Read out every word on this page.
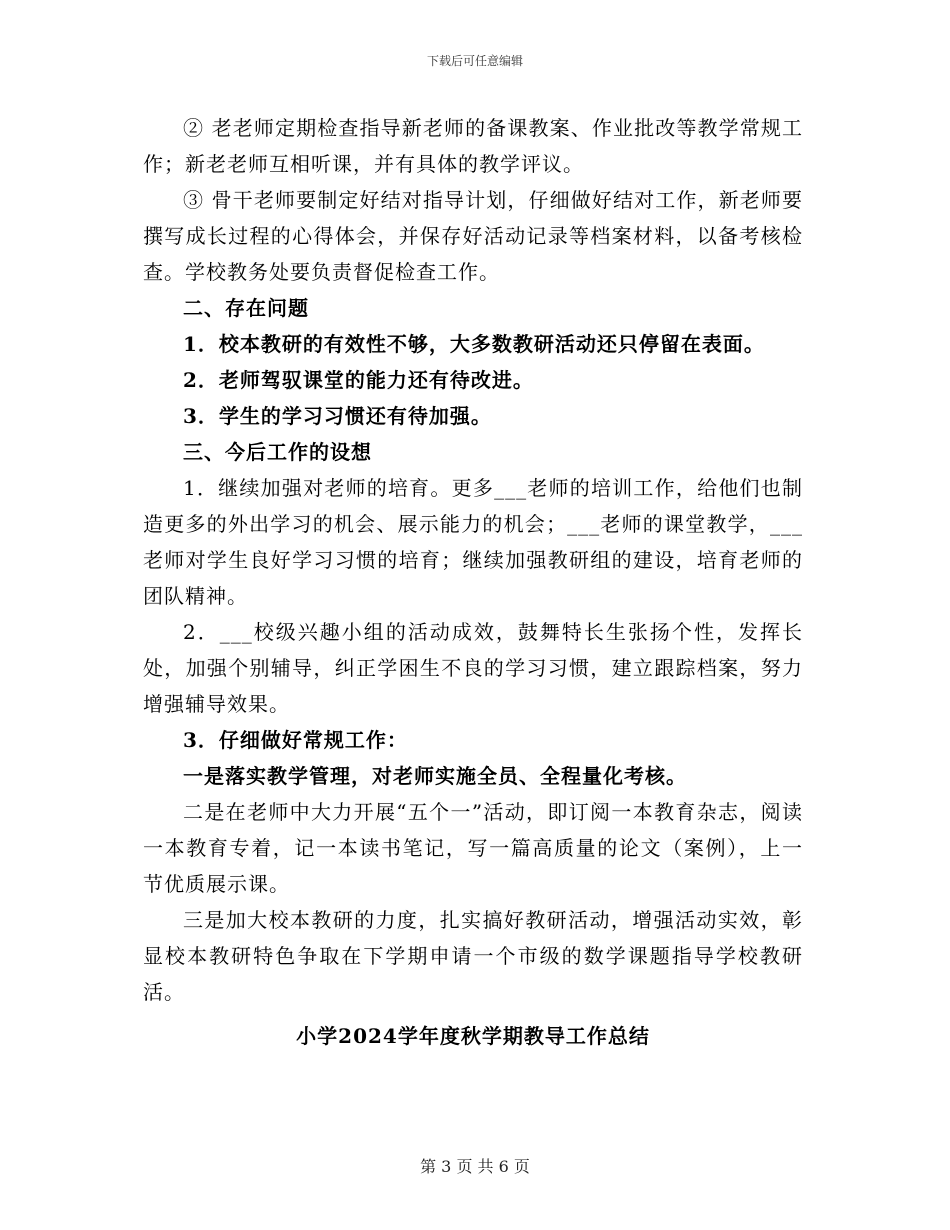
下载后可任意编辑

② 老老师定期检查指导新老师的备课教案、作业批改等教学常规工作；新老老师互相听课，并有具体的教学评议。

③ 骨干老师要制定好结对指导计划，仔细做好结对工作，新老师要撰写成长过程的心得体会，并保存好活动记录等档案材料，以备考核检查。学校教务处要负责督促检查工作。

二、存在问题

1．校本教研的有效性不够，大多数教研活动还只停留在表面。

2．老师驾驭课堂的能力还有待改进。

3．学生的学习习惯还有待加强。

三、今后工作的设想

1．继续加强对老师的培育。更多___老师的培训工作，给他们也制造更多的外出学习的机会、展示能力的机会；___老师的课堂教学，___老师对学生良好学习习惯的培育；继续加强教研组的建设，培育老师的团队精神。

2．___校级兴趣小组的活动成效，鼓舞特长生张扬个性，发挥长处，加强个别辅导，纠正学困生不良的学习习惯，建立跟踪档案，努力增强辅导效果。

3．仔细做好常规工作：

一是落实教学管理，对老师实施全员、全程量化考核。

二是在老师中大力开展“五个一”活动，即订阅一本教育杂志，阅读一本教育专着，记一本读书笔记，写一篇高质量的论文（案例），上一节优质展示课。

三是加大校本教研的力度，扎实搞好教研活动，增强活动实效，彰显校本教研特色争取在下学期申请一个市级的数学课题指导学校教研活。

小学2024学年度秋学期教导工作总结

第 3 页 共 6 页
